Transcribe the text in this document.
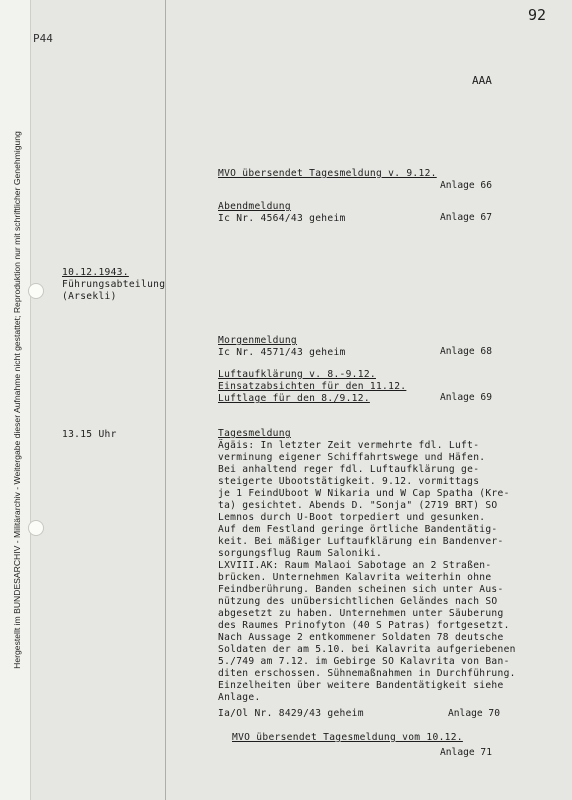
Hergestellt im BUNDESARCHIV - Militärarchiv - Weitergabe dieser Aufnahme nicht gestattet; Reproduktion nur mit schriftlicher Genehmigung
92
P44
AAA
10.12.1943.
Führungsabteilung
(Arsekli)
13.15 Uhr
MVO übersendet Tagesmeldung v. 9.12.
Anlage 66
Abendmeldung
Ic Nr. 4564/43 geheim	Anlage 67
Morgenmeldung
Ic Nr. 4571/43 geheim	Anlage 68
Luftaufklärung v. 8.-9.12.
Einsatzabsichten für den 11.12.
Luftlage für den 8./9.12.	Anlage 69
Tagesmeldung
Ägäis: In letzter Zeit vermehrte fdl. Luft-
verminung eigener Schiffahrtswege und Häfen.
Bei anhaltend reger fdl. Luftaufklärung ge-
steigerte Ubootstätigkeit. 9.12. vormittags
je 1 FeindUboot W Nikaria und W Cap Spatha (Kre-
ta) gesichtet. Abends D. "Sonja" (2719 BRT) SO
Lemnos durch U-Boot torpediert und gesunken.
Auf dem Festland geringe örtliche Bandentätig-
keit. Bei mäßiger Luftaufklärung ein Bandenver-
sorgungsflug Raum Saloniki.
LXVIII.AK: Raum Malaoi Sabotage an 2 Straßen-
brücken. Unternehmen Kalavrita weiterhin ohne
Feindberührung. Banden scheinen sich unter Aus-
nützung des unübersichtlichen Geländes nach SO
abgesetzt zu haben. Unternehmen unter Säuberung
des Raumes Prinofyton (40 S Patras) fortgesetzt.
Nach Aussage 2 entkommener Soldaten 78 deutsche
Soldaten der am 5.10. bei Kalavrita aufgeriebenen
5./749 am 7.12. im Gebirge SO Kalavrita von Ban-
diten erschossen. Sühnemaßnahmen in Durchführung.
Einzelheiten über weitere Bandentätigkeit siehe
Anlage.
Ia/Ol Nr. 8429/43 geheim	Anlage 70
MVO übersendet Tagesmeldung vom 10.12.
Anlage 71
